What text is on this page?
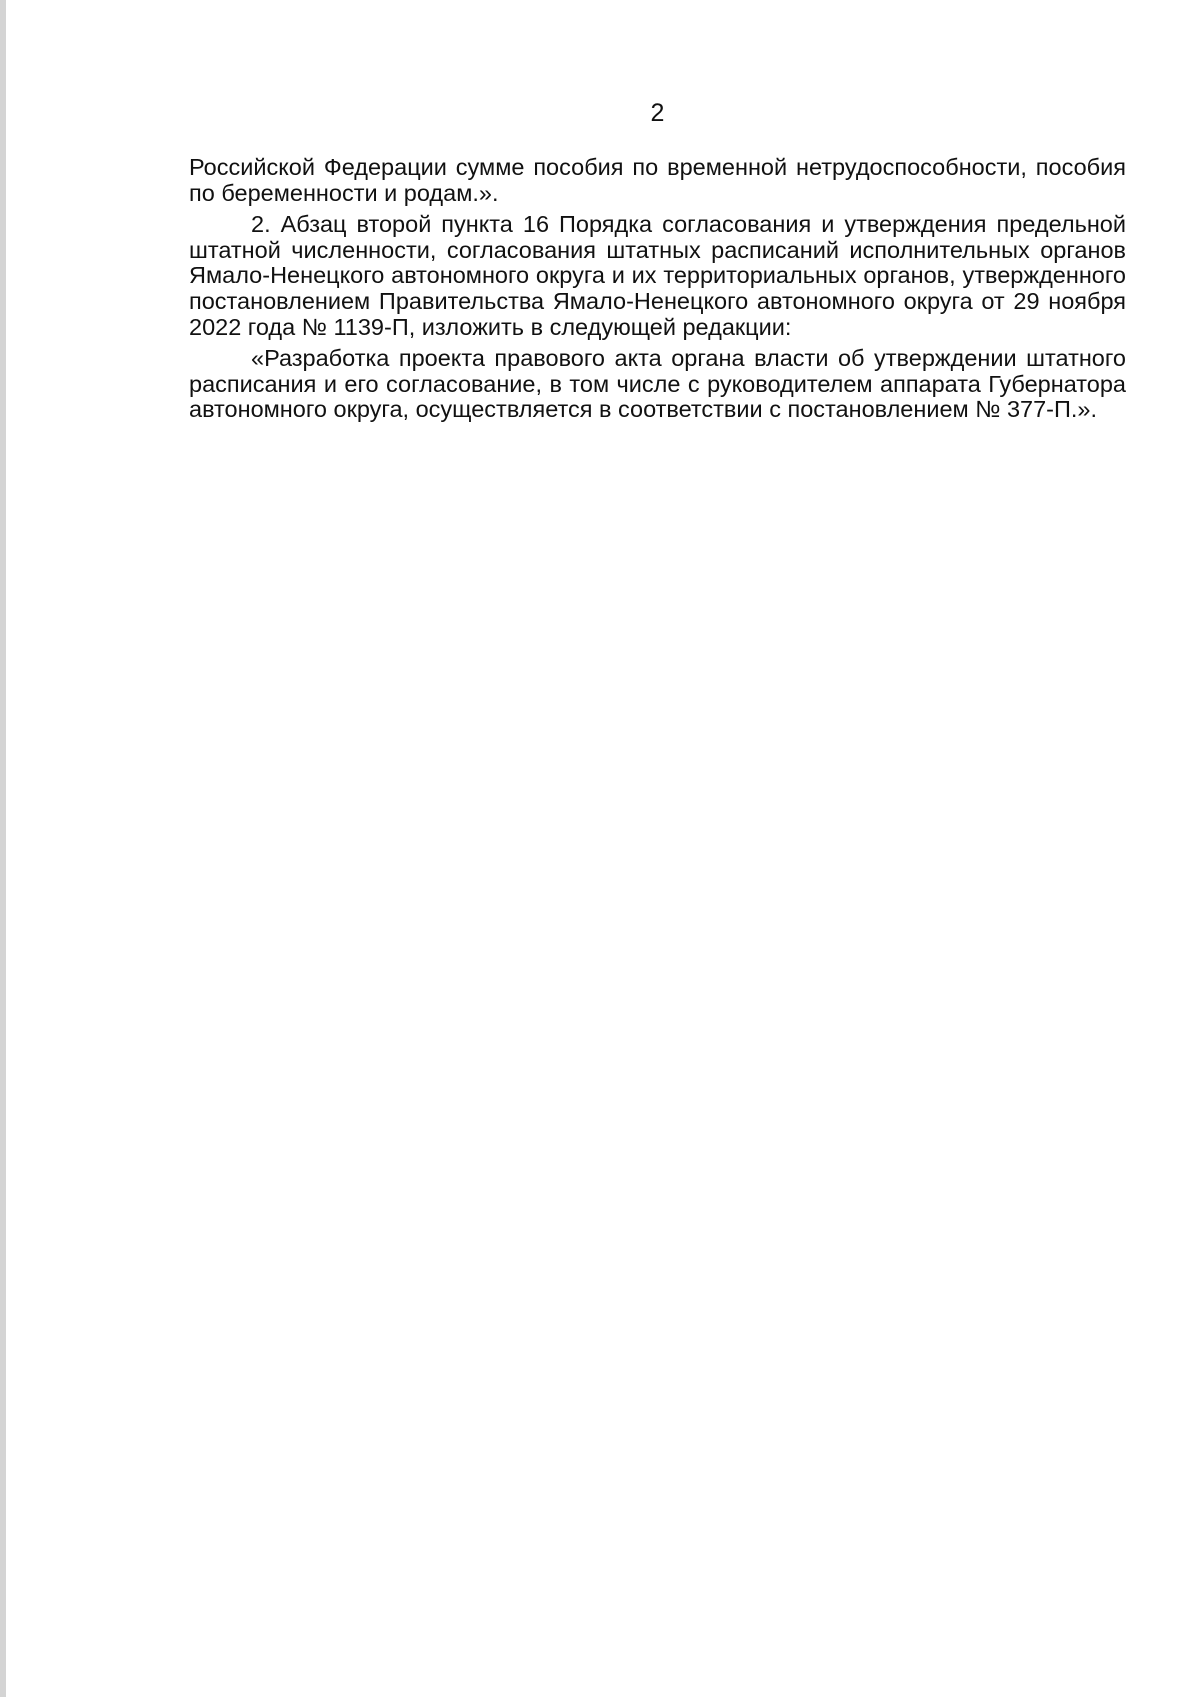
2

Российской Федерации сумме пособия по временной нетрудоспособности, пособия по беременности и родам.».

2. Абзац второй пункта 16 Порядка согласования и утверждения предельной штатной численности, согласования штатных расписаний исполнительных органов Ямало-Ненецкого автономного округа и их территориальных органов, утвержденного постановлением Правительства Ямало-Ненецкого автономного округа от 29 ноября 2022 года № 1139-П, изложить в следующей редакции:

«Разработка проекта правового акта органа власти об утверждении штатного расписания и его согласование, в том числе с руководителем аппарата Губернатора автономного округа, осуществляется в соответствии с постановлением № 377-П.».
